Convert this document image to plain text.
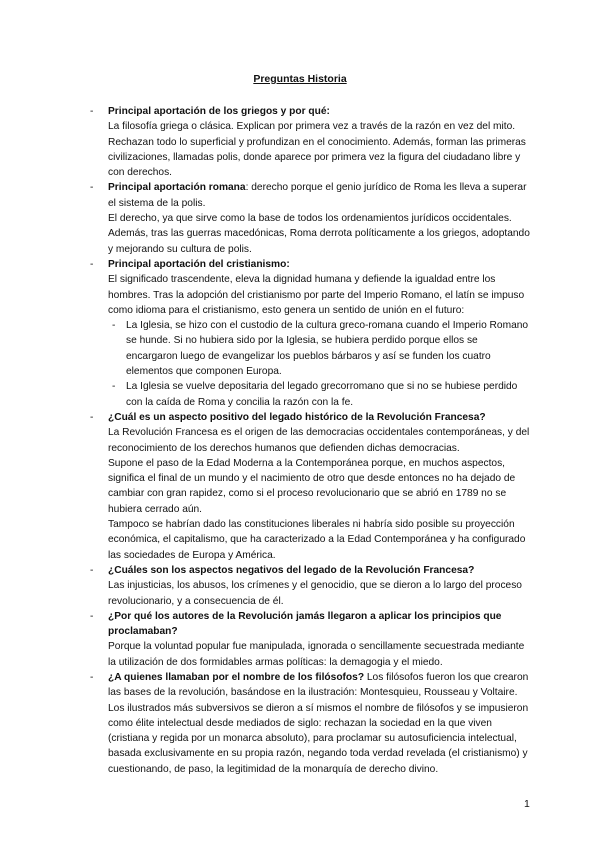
Preguntas Historia
- Principal aportación de los griegos y por qué:
La filosofía griega o clásica. Explican por primera vez a través de la razón en vez del mito. Rechazan todo lo superficial y profundizan en el conocimiento. Además, forman las primeras civilizaciones, llamadas polis, donde aparece por primera vez la figura del ciudadano libre y con derechos.
- Principal aportación romana: derecho porque el genio jurídico de Roma les lleva a superar el sistema de la polis.
El derecho, ya que sirve como la base de todos los ordenamientos jurídicos occidentales. Además, tras las guerras macedónicas, Roma derrota políticamente a los griegos, adoptando y mejorando su cultura de polis.
- Principal aportación del cristianismo:
El significado trascendente, eleva la dignidad humana y defiende la igualdad entre los hombres. Tras la adopción del cristianismo por parte del Imperio Romano, el latín se impuso como idioma para el cristianismo, esto genera un sentido de unión en el futuro:
- La Iglesia, se hizo con el custodio de la cultura greco-romana cuando el Imperio Romano se hunde. Si no hubiera sido por la Iglesia, se hubiera perdido porque ellos se encargaron luego de evangelizar los pueblos bárbaros y así se funden los cuatro elementos que componen Europa.
- La Iglesia se vuelve depositaria del legado grecorromano que si no se hubiese perdido con la caída de Roma y concilia la razón con la fe.
- ¿Cuál es un aspecto positivo del legado histórico de la Revolución Francesa?
La Revolución Francesa es el origen de las democracias occidentales contemporáneas, y del reconocimiento de los derechos humanos que defienden dichas democracias.
Supone el paso de la Edad Moderna a la Contemporánea porque, en muchos aspectos, significa el final de un mundo y el nacimiento de otro que desde entonces no ha dejado de cambiar con gran rapidez, como si el proceso revolucionario que se abrió en 1789 no se hubiera cerrado aún.
Tampoco se habrían dado las constituciones liberales ni habría sido posible su proyección económica, el capitalismo, que ha caracterizado a la Edad Contemporánea y ha configurado las sociedades de Europa y América.
- ¿Cuáles son los aspectos negativos del legado de la Revolución Francesa?
Las injusticias, los abusos, los crímenes y el genocidio, que se dieron a lo largo del proceso revolucionario, y a consecuencia de él.
- ¿Por qué los autores de la Revolución jamás llegaron a aplicar los principios que proclamaban?
Porque la voluntad popular fue manipulada, ignorada o sencillamente secuestrada mediante la utilización de dos formidables armas políticas: la demagogia y el miedo.
- ¿A quienes llamaban por el nombre de los filósofos? Los filósofos fueron los que crearon las bases de la revolución, basándose en la ilustración: Montesquieu, Rousseau y Voltaire.
Los ilustrados más subversivos se dieron a sí mismos el nombre de filósofos y se impusieron como élite intelectual desde mediados de siglo: rechazan la sociedad en la que viven (cristiana y regida por un monarca absoluto), para proclamar su autosuficiencia intelectual, basada exclusivamente en su propia razón, negando toda verdad revelada (el cristianismo) y cuestionando, de paso, la legitimidad de la monarquía de derecho divino.
1
